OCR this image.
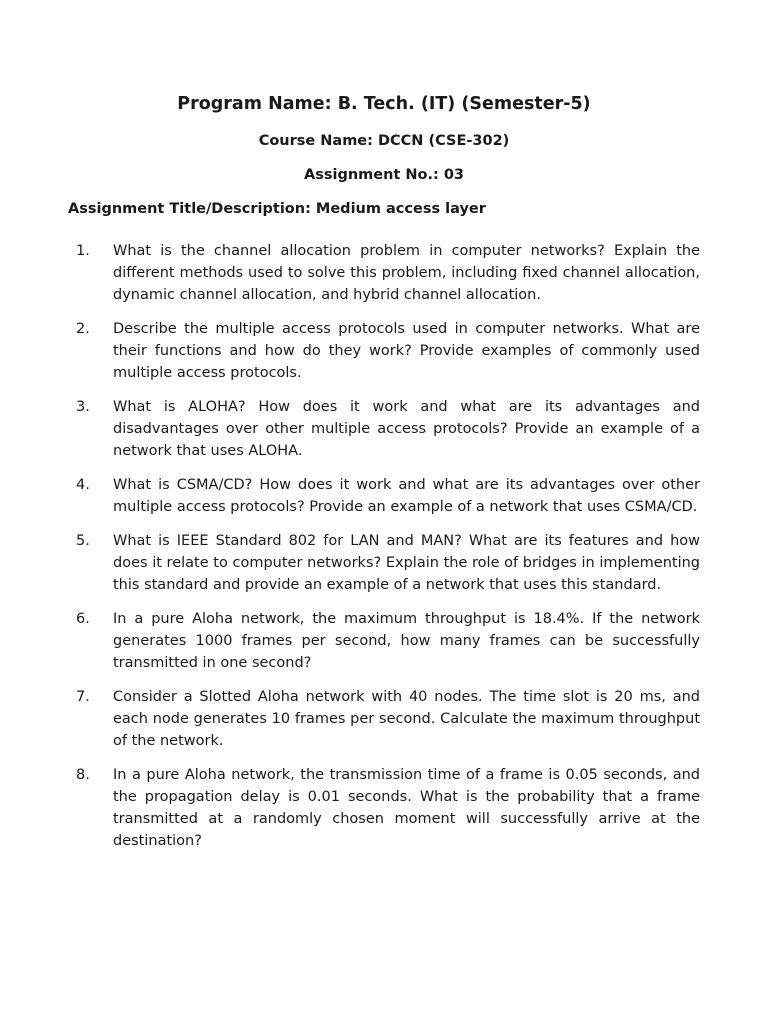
Program Name: B. Tech. (IT) (Semester-5)
Course Name: DCCN (CSE-302)
Assignment No.: 03
Assignment Title/Description: Medium access layer
1. What is the channel allocation problem in computer networks? Explain the different methods used to solve this problem, including fixed channel allocation, dynamic channel allocation, and hybrid channel allocation.
2. Describe the multiple access protocols used in computer networks. What are their functions and how do they work? Provide examples of commonly used multiple access protocols.
3. What is ALOHA? How does it work and what are its advantages and disadvantages over other multiple access protocols? Provide an example of a network that uses ALOHA.
4. What is CSMA/CD? How does it work and what are its advantages over other multiple access protocols? Provide an example of a network that uses CSMA/CD.
5. What is IEEE Standard 802 for LAN and MAN? What are its features and how does it relate to computer networks? Explain the role of bridges in implementing this standard and provide an example of a network that uses this standard.
6. In a pure Aloha network, the maximum throughput is 18.4%. If the network generates 1000 frames per second, how many frames can be successfully transmitted in one second?
7. Consider a Slotted Aloha network with 40 nodes. The time slot is 20 ms, and each node generates 10 frames per second. Calculate the maximum throughput of the network.
8. In a pure Aloha network, the transmission time of a frame is 0.05 seconds, and the propagation delay is 0.01 seconds. What is the probability that a frame transmitted at a randomly chosen moment will successfully arrive at the destination?
